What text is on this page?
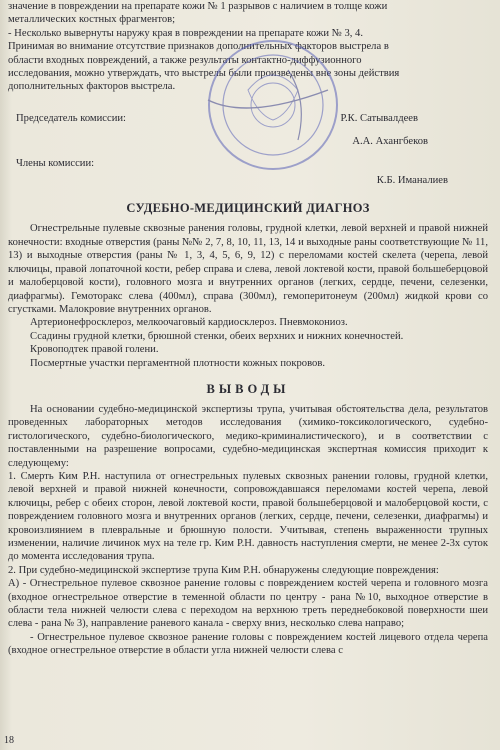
значение в повреждении на препарате кожи № 1 разрывов с наличием в толще кожи

металлических костных фрагментов;

- Несколько вывернуты наружу края в повреждении на препарате кожи № 3, 4.

Принимая во внимание отсутствие признаков дополнительных факторов выстрела в

области входных повреждений, а также результаты контактно-диффузионного

исследования, можно утверждать, что выстрелы были произведены вне зоны действия

дополнительных факторов выстрела.

Председатель комиссии:	Р.К. Сатывалдеев
А.А. Ахангбеков
Члены комиссии:
К.Б. Иманалиев
СУДЕБНО-МЕДИЦИНСКИЙ ДИАГНОЗ

Огнестрельные пулевые сквозные ранения головы, грудной клетки, левой верхней и правой нижней конечности: входные отверстия (раны №№ 2, 7, 8, 10, 11, 13, 14 и выходные раны соответствующие № 11, 13) и выходные отверстия (раны № 1, 3, 4, 5, 6, 9, 12) с переломами костей скелета (черепа, левой ключицы, правой лопаточной кости, ребер справа и слева, левой локтевой кости, правой большеберцовой и малоберцовой кости), головного мозга и внутренних органов (легких, сердце, печени, селезенки, диафрагмы). Гемоторакс слева (400мл), справа (300мл), гемоперитонеум (200мл) жидкой крови со сгустками. Малокровие внутренних органов.

Артерионефросклероз, мелкоочаговый кардиосклероз. Пневмокониоз.

Ссадины грудной клетки, брюшной стенки, обеих верхних и нижних конечностей.

Кровоподтек правой голени.

Посмертные участки пергаментной плотности кожных покровов.

ВЫВОДЫ

На основании судебно-медицинской экспертизы трупа, учитывая обстоятельства дела, результатов проведенных лабораторных методов исследования (химико-токсикологического, судебно-гистологического, судебно-биологического, медико-криминалистического), и в соответствии с поставленными на разрешение вопросами, судебно-медицинская экспертная комиссия приходит к следующему:

1. Смерть Ким Р.Н. наступила от огнестрельных пулевых сквозных ранении головы, грудной клетки, левой верхней и правой нижней конечности, сопровождавшаяся переломами костей черепа, левой ключицы, ребер с обеих сторон, левой локтевой кости, правой большеберцовой и малоберцовой кости, с повреждением головного мозга и внутренних органов (легких, сердце, печени, селезенки, диафрагмы) и кровоизлиянием в плевральные и брюшную полости. Учитывая, степень выраженности трупных изменении, наличие личинок мух на теле гр. Ким Р.Н. давность наступления смерти, не менее 2-3х суток до момента исследования трупа.

2. При судебно-медицинской экспертизе трупа Ким Р.Н. обнаружены следующие повреждения:

А) - Огнестрельное пулевое сквозное ранение головы с повреждением костей черепа и головного мозга (входное огнестрельное отверстие в теменной области по центру - рана №10, выходное отверстие в области тела нижней челюсти слева с переходом на верхнюю треть переднебоковой поверхности шеи слева - рана № 3), направление раневого канала - сверху вниз, несколько слева направо;

- Огнестрельное пулевое сквозное ранение головы с повреждением костей лицевого отдела черепа (входное огнестрельное отверстие в области угла нижней челюсти слева с

18
